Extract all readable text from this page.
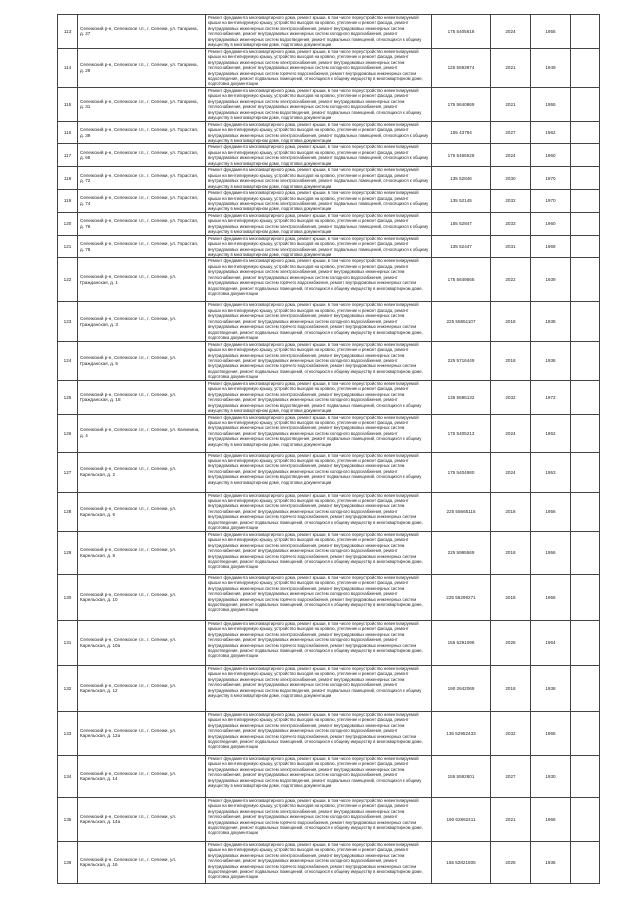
113	Сележский р-н, Сележское г.п., г. Сележи, ул. Гагарина, д. 27	Ремонт фундамента многоквартирного дома, ремонт крыши, в том числе переустройство невентилируемой крыши на вентилируемую крышу, устройство выходов на кровлю, утепление и ремонт фасада, ремонт внутридомовых инженерных систем электроснабжения, ремонт внутридомовых инженерных систем теплоснабжения, ремонт внутридомовых инженерных систем холодного водоснабжения, ремонт внутридомовых инженерных систем водоотведения, ремонт подвальных помещений, относящихся к общему имуществу в многоквартирном доме, подготовка документации	175 5405618	2024	1955	
114	Сележский р-н, Сележское г.п., г. Сележи, ул. Гагарина, д. 29	Ремонт фундамента многоквартирного дома, ремонт крыши, в том числе переустройство невентилируемой крыши на вентилируемую крышу, устройство выходов на кровлю, утепление и ремонт фасада, ремонт внутридомовых инженерных систем электроснабжения, ремонт внутридомовых инженерных систем теплоснабжения, ремонт внутридомовых инженерных систем холодного водоснабжения, ремонт внутридомовых инженерных систем горячего водоснабжения, ремонт внутридомовых инженерных систем водоотведения, ремонт подвальных помещений, относящихся к общему имуществу в многоквартирном доме, подготовка документации	125 5593874	2021	1949	
115	Сележский р-н, Сележское г.п., г. Сележи, ул. Гагарина, д. 31	Ремонт фундамента многоквартирного дома, ремонт крыши, в том числе переустройство невентилируемой крыши на вентилируемую крышу, устройство выходов на кровлю, утепление и ремонт фасада, ремонт внутридомовых инженерных систем электроснабжения, ремонт внутридомовых инженерных систем теплоснабжения, ремонт внутридомовых инженерных систем холодного водоснабжения, ремонт внутридомовых инженерных систем водоотведения, ремонт подвальных помещений, относящихся к общему имуществу в многоквартирном доме, подготовка документации	175 5640869	2021	1955	
116	Сележский р-н, Сележское г.п., г. Сележи, ул. Горастая, д. 39	Ремонт фундамента многоквартирного дома, ремонт крыши, в том числе переустройство невентилируемой крыши на вентилируемую крышу, устройство выходов на кровлю, утепление и ремонт фасада, ремонт внутридомовых инженерных систем электроснабжения, ремонт подвальных помещений, относящихся к общему имуществу в многоквартирном доме, подготовка документации	155 43784	2027	1962	
117	Сележский р-н, Сележское г.п., г. Сележи, ул. Горастая, д. 65	Ремонт фундамента многоквартирного дома, ремонт крыши, в том числе переустройство невентилируемой крыши на вентилируемую крышу, устройство выходов на кровлю, утепление и ремонт фасада, ремонт внутридомовых инженерных систем электроснабжения, ремонт подвальных помещений, относящихся к общему имуществу в многоквартирном доме, подготовка документации	175 5466528	2024	1960	
118	Сележский р-н, Сележское г.п., г. Сележи, ул. Горастая, д. 72	Ремонт фундамента многоквартирного дома, ремонт крыши, в том числе переустройство невентилируемой крыши на вентилируемую крышу, устройство выходов на кровлю, утепление и ремонт фасада, ремонт внутридомовых инженерных систем электроснабжения, ремонт подвальных помещений, относящихся к общему имуществу в многоквартирном доме, подготовка документации	135 52846	2030	1970	
119	Сележский р-н, Сележское г.п., г. Сележи, ул. Горастая, д. 74	Ремонт фундамента многоквартирного дома, ремонт крыши, в том числе переустройство невентилируемой крыши на вентилируемую крышу, устройство выходов на кровлю, утепление и ремонт фасада, ремонт внутридомовых инженерных систем электроснабжения, ремонт подвальных помещений, относящихся к общему имуществу в многоквартирном доме, подготовка документации	135 52145	2032	1970	
120	Сележский р-н, Сележское г.п., г. Сележи, ул. Горастая, д. 76	Ремонт фундамента многоквартирного дома, ремонт крыши, в том числе переустройство невентилируемой крыши на вентилируемую крышу, устройство выходов на кровлю, утепление и ремонт фасада, ремонт внутридомовых инженерных систем электроснабжения, ремонт подвальных помещений, относящихся к общему имуществу в многоквартирном доме, подготовка документации	155 52847	2033	1960	
121	Сележский р-н, Сележское г.п., г. Сележи, ул. Горастая, д. 78	Ремонт фундамента многоквартирного дома, ремонт крыши, в том числе переустройство невентилируемой крыши на вентилируемую крышу, устройство выходов на кровлю, утепление и ремонт фасада, ремонт внутридомовых инженерных систем электроснабжения, ремонт подвальных помещений, относящихся к общему имуществу в многоквартирном доме, подготовка документации	135 52447	2031	1969	
122	Сележский р-н, Сележское г.п., г. Сележи, ул. Гражданская, д. 1	Ремонт фундамента многоквартирного дома, ремонт крыши, в том числе переустройство невентилируемой крыши на вентилируемую крышу, устройство выходов на кровлю, утепление и ремонт фасада, ремонт внутридомовых инженерных систем электроснабжения, ремонт внутридомовых инженерных систем теплоснабжения, ремонт внутридомовых инженерных систем холодного водоснабжения, ремонт внутридомовых инженерных систем горячего водоснабжения, ремонт внутридомовых инженерных систем водоотведения, ремонт подвальных помещений, относящихся к общему имуществу в многоквартирном доме, подготовка документации	175 5649565	2022	1939	
123	Сележский р-н, Сележское г.п., г. Сележи, ул. Гражданская, д. 3	Ремонт фундамента многоквартирного дома, ремонт крыши, в том числе переустройство невентилируемой крыши на вентилируемую крышу, устройство выходов на кровлю, утепление и ремонт фасада, ремонт внутридомовых инженерных систем электроснабжения, ремонт внутридомовых инженерных систем теплоснабжения, ремонт внутридомовых инженерных систем холодного водоснабжения, ремонт внутридомовых инженерных систем горячего водоснабжения, ремонт внутридомовых инженерных систем водоотведения, ремонт подвальных помещений, относящихся к общему имуществу в многоквартирном доме, подготовка документации	225 55851107	2018	1938	
124	Сележский р-н, Сележское г.п., г. Сележи, ул. Гражданская, д. 5	Ремонт фундамента многоквартирного дома, ремонт крыши, в том числе переустройство невентилируемой крыши на вентилируемую крышу, устройство выходов на кровлю, утепление и ремонт фасада, ремонт внутридомовых инженерных систем электроснабжения, ремонт внутридомовых инженерных систем теплоснабжения, ремонт внутридомовых инженерных систем холодного водоснабжения, ремонт внутридомовых инженерных систем горячего водоснабжения, ремонт внутридомовых инженерных систем водоотведения, ремонт подвальных помещений, относящихся к общему имуществу в многоквартирном доме, подготовка документации	225 5716449	2018	1936	
125	Сележский р-н, Сележское г.п., г. Сележи, ул. Гражданская, д. 18	Ремонт фундамента многоквартирного дома, ремонт крыши, в том числе переустройство невентилируемой крыши на вентилируемую крышу, устройство выходов на кровлю, утепление и ремонт фасада, ремонт внутридомовых инженерных систем электроснабжения, ремонт внутридомовых инженерных систем теплоснабжения, ремонт внутридомовых инженерных систем холодного водоснабжения, ремонт внутридомовых инженерных систем водоотведения, ремонт подвальных помещений, относящихся к общему имуществу в многоквартирном доме, подготовка документации	135 5595132	2032	1972	
126	Сележский р-н, Сележское г.п., г. Сележи, ул. Калинина, д. 4	Ремонт фундамента многоквартирного дома, ремонт крыши, в том числе переустройство невентилируемой крыши на вентилируемую крышу, устройство выходов на кровлю, утепление и ремонт фасада, ремонт внутридомовых инженерных систем электроснабжения, ремонт внутридомовых инженерных систем теплоснабжения, ремонт внутридомовых инженерных систем холодного водоснабжения, ремонт внутридомовых инженерных систем водоотведения, ремонт подвальных помещений, относящихся к общему имуществу в многоквартирном доме, подготовка документации	175 5405213	2024	1962	
127	Сележский р-н, Сележское г.п., г. Сележи, ул. Карельская, д. 2	Ремонт фундамента многоквартирного дома, ремонт крыши, в том числе переустройство невентилируемой крыши на вентилируемую крышу, устройство выходов на кровлю, утепление и ремонт фасада, ремонт внутридомовых инженерных систем электроснабжения, ремонт внутридомовых инженерных систем теплоснабжения, ремонт внутридомовых инженерных систем холодного водоснабжения, ремонт внутридомовых инженерных систем водоотведения, ремонт подвальных помещений, относящихся к общему имуществу в многоквартирном доме, подготовка документации	175 5404980	2024	1953	
128	Сележский р-н, Сележское г.п., г. Сележи, ул. Карельская, д. 6	Ремонт фундамента многоквартирного дома, ремонт крыши, в том числе переустройство невентилируемой крыши на вентилируемую крышу, устройство выходов на кровлю, утепление и ремонт фасада, ремонт внутридомовых инженерных систем электроснабжения, ремонт внутридомовых инженерных систем теплоснабжения, ремонт внутридомовых инженерных систем холодного водоснабжения, ремонт внутридомовых инженерных систем горячего водоснабжения, ремонт внутридомовых инженерных систем водоотведения, ремонт подвальных помещений, относящихся к общему имуществу в многоквартирном доме, подготовка документации	225 55665115	2018	1956	
129	Сележский р-н, Сележское г.п., г. Сележи, ул. Карельская, д. 8	Ремонт фундамента многоквартирного дома, ремонт крыши, в том числе переустройство невентилируемой крыши на вентилируемую крышу, устройство выходов на кровлю, утепление и ремонт фасада, ремонт внутридомовых инженерных систем электроснабжения, ремонт внутридомовых инженерных систем теплоснабжения, ремонт внутридомовых инженерных систем холодного водоснабжения, ремонт внутридомовых инженерных систем горячего водоснабжения, ремонт внутридомовых инженерных систем водоотведения, ремонт подвальных помещений, относящихся к общему имуществу в многоквартирном доме, подготовка документации	225 5985569	2018	1956	
130	Сележский р-н, Сележское г.п., г. Сележи, ул. Карельская, д. 10	Ремонт фундамента многоквартирного дома, ремонт крыши, в том числе переустройство невентилируемой крыши на вентилируемую крышу, устройство выходов на кровлю, утепление и ремонт фасада, ремонт внутридомовых инженерных систем электроснабжения, ремонт внутридомовых инженерных систем теплоснабжения, ремонт внутридомовых инженерных систем холодного водоснабжения, ремонт внутридомовых инженерных систем горячего водоснабжения, ремонт внутридомовых инженерных систем водоотведения, ремонт подвальных помещений, относящихся к общему имуществу в многоквартирном доме, подготовка документации	225 56299271	2018	1956	
131	Сележский р-н, Сележское г.п., г. Сележи, ул. Карельская, д. 10а	Ремонт фундамента многоквартирного дома, ремонт крыши, в том числе переустройство невентилируемой крыши на вентилируемую крышу, устройство выходов на кровлю, утепление и ремонт фасада, ремонт внутридомовых инженерных систем электроснабжения, ремонт внутридомовых инженерных систем теплоснабжения, ремонт внутридомовых инженерных систем холодного водоснабжения, ремонт внутридомовых инженерных систем горячего водоснабжения, ремонт внутридомовых инженерных систем водоотведения, ремонт подвальных помещений, относящихся к общему имуществу в многоквартирном доме, подготовка документации	155 5291096	2026	1964	
132	Сележский р-н, Сележское г.п., г. Сележи, ул. Карельская, д. 12	Ремонт фундамента многоквартирного дома, ремонт крыши, в том числе переустройство невентилируемой крыши на вентилируемую крышу, устройство выходов на кровлю, утепление и ремонт фасада, ремонт внутридомовых инженерных систем электроснабжения, ремонт внутридомовых инженерных систем теплоснабжения, ремонт внутридомовых инженерных систем холодного водоснабжения, ремонт внутридомовых инженерных систем водоотведения, ремонт подвальных помещений, относящихся к общему имуществу в многоквартирном доме, подготовка документации	190 2642069	2018	1938	
133	Сележский р-н, Сележское г.п., г. Сележи, ул. Карельская, д. 12а	Ремонт фундамента многоквартирного дома, ремонт крыши, в том числе переустройство невентилируемой крыши на вентилируемую крышу, устройство выходов на кровлю, утепление и ремонт фасада, ремонт внутридомовых инженерных систем электроснабжения, ремонт внутридомовых инженерных систем теплоснабжения, ремонт внутридомовых инженерных систем холодного водоснабжения, ремонт внутридомовых инженерных систем горячего водоснабжения, ремонт внутридомовых инженерных систем водоотведения, ремонт подвальных помещений, относящихся к общему имуществу в многоквартирном доме, подготовка документации	135 52952433	2032	1965	
134	Сележский р-н, Сележское г.п., г. Сележи, ул. Карельская, д. 14	Ремонт фундамента многоквартирного дома, ремонт крыши, в том числе переустройство невентилируемой крыши на вентилируемую крышу, устройство выходов на кровлю, утепление и ремонт фасада, ремонт внутридомовых инженерных систем электроснабжения, ремонт внутридомовых инженерных систем теплоснабжения, ремонт внутридомовых инженерных систем холодного водоснабжения, ремонт внутридомовых инженерных систем водоотведения, ремонт подвальных помещений, относящихся к общему имуществу в многоквартирном доме, подготовка документации	155 5582801	2027	1930	
135	Сележский р-н, Сележское г.п., г. Сележи, ул. Карельская, д. 14а	Ремонт фундамента многоквартирного дома, ремонт крыши, в том числе переустройство невентилируемой крыши на вентилируемую крышу, устройство выходов на кровлю, утепление и ремонт фасада, ремонт внутридомовых инженерных систем электроснабжения, ремонт внутридомовых инженерных систем теплоснабжения, ремонт внутридомовых инженерных систем холодного водоснабжения, ремонт внутридомовых инженерных систем горячего водоснабжения, ремонт внутридомовых инженерных систем водоотведения, ремонт подвальных помещений, относящихся к общему имуществу в многоквартирном доме, подготовка документации	190 62862411	2021	1966	
136	Сележский р-н, Сележское г.п., г. Сележи, ул. Карельская, д. 16	Ремонт фундамента многоквартирного дома, ремонт крыши, в том числе переустройство невентилируемой крыши на вентилируемую крышу, устройство выходов на кровлю, утепление и ремонт фасада, ремонт внутридомовых инженерных систем электроснабжения, ремонт внутридомовых инженерных систем теплоснабжения, ремонт внутридомовых инженерных систем холодного водоснабжения, ремонт внутридомовых инженерных систем горячего водоснабжения, ремонт внутридомовых инженерных систем водоотведения, ремонт подвальных помещений, относящихся к общему имуществу в многоквартирном доме, подготовка документации	155 52821505	2026	1936	
